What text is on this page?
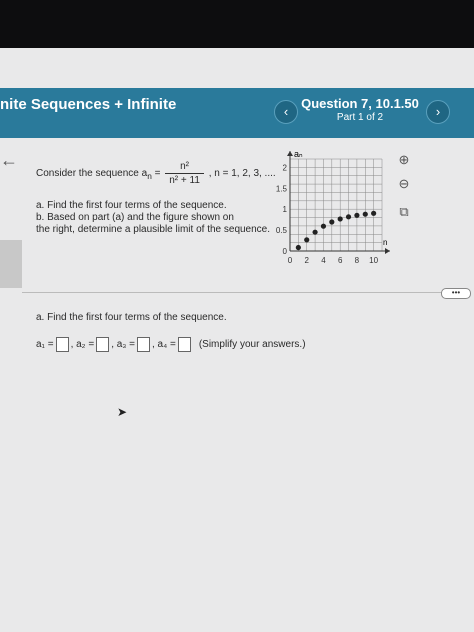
nite Sequences + Infinite	‹
Question 7, 10.1.50
Part 1 of 2	›
←
Consider the sequence $a_n = \frac{\text{n²}}{\text{n² + 11}}$ , n = 1, 2, 3, ....
a. Find the first four terms of the sequence.
b. Based on part (a) and the figure shown on
the right, determine a plausible limit of the sequence.
0 2 4 6 8 10
0
0.5
1
1.5
2
aₙ
n
⊕
⊖
⧉
•••
a. Find the first four terms of the sequence.
a₁ = , a₂ = , a₃ = , a₄ = (Simplify your answers.)
➤
